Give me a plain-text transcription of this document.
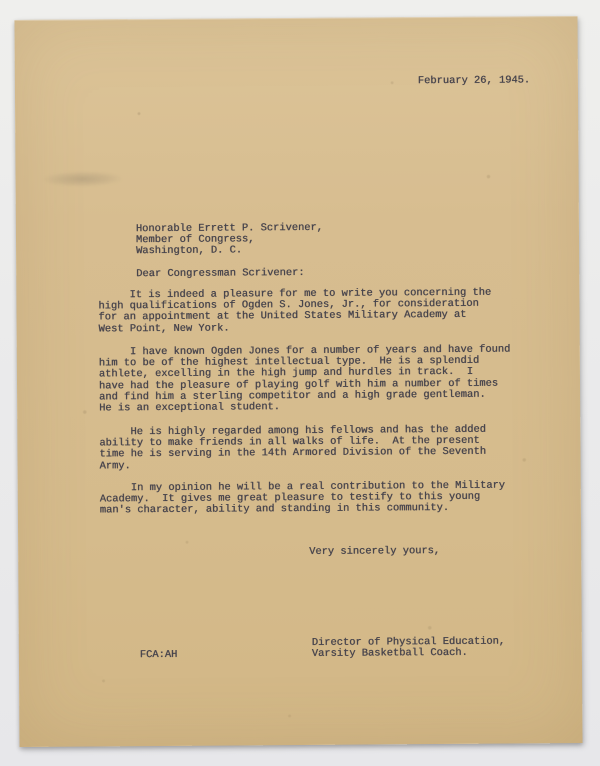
February 26, 1945.
Honorable Errett P. Scrivener,
Member of Congress,
Washington, D. C.
Dear Congressman Scrivener:
It is indeed a pleasure for me to write you concerning the
high qualifications of Ogden S. Jones, Jr., for consideration
for an appointment at the United States Military Academy at
West Point, New York.
I have known Ogden Jones for a number of years and have found
him to be of the highest intellectual type.  He is a splendid
athlete, excelling in the high jump and hurdles in track.  I
have had the pleasure of playing golf with him a number of times
and find him a sterling competitor and a high grade gentleman.
He is an exceptional student.
He is highly regarded among his fellows and has the added
ability to make friends in all walks of life.  At the present
time he is serving in the 14th Armored Division of the Seventh
Army.
In my opinion he will be a real contribution to the Military
Academy.  It gives me great pleasure to testify to this young
man's character, ability and standing in this community.
Very sincerely yours,
Director of Physical Education,
Varsity Basketball Coach.
FCA:AH
